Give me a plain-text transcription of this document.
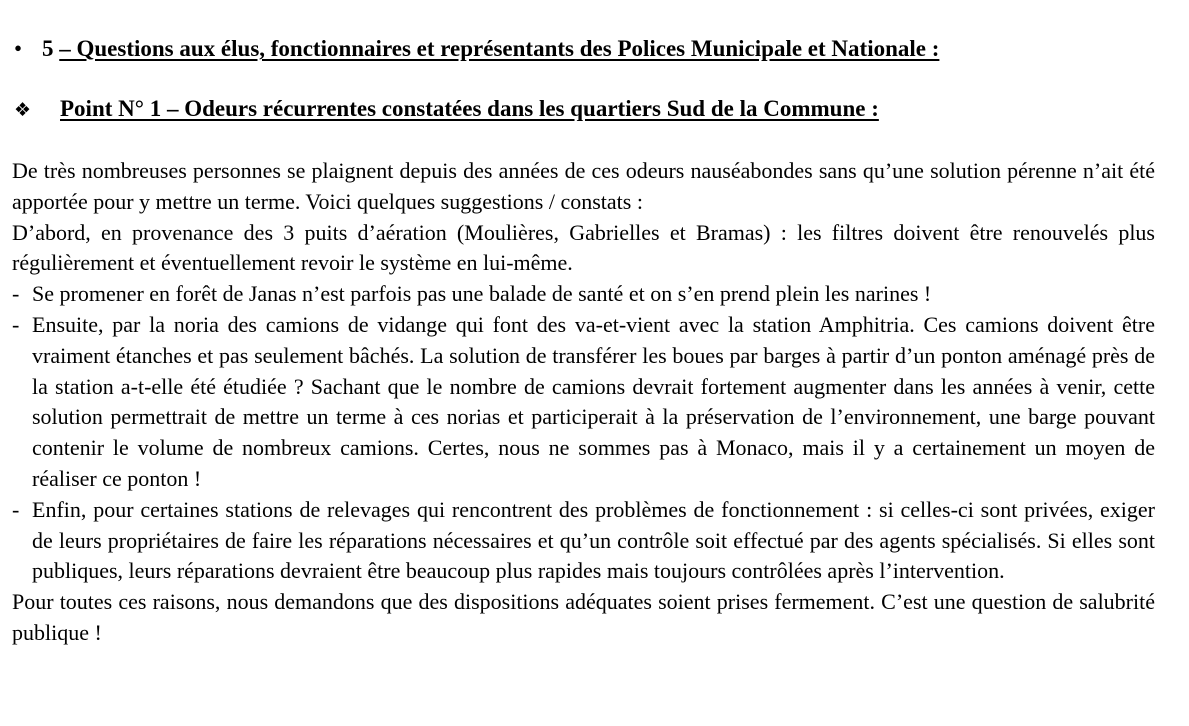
• 5 – Questions aux élus, fonctionnaires et représentants des Polices Municipale et Nationale :
❖ Point N° 1 – Odeurs récurrentes constatées dans les quartiers Sud de la Commune :

De très nombreuses personnes se plaignent depuis des années de ces odeurs nauséabondes sans qu’une solution pérenne n’ait été apportée pour y mettre un terme. Voici quelques suggestions / constats :

D’abord, en provenance des 3 puits d’aération (Moulières, Gabrielles et Bramas) : les filtres doivent être renouvelés plus régulièrement et éventuellement revoir le système en lui-même.

- Se promener en forêt de Janas n’est parfois pas une balade de santé et on s’en prend plein les narines !

- Ensuite, par la noria des camions de vidange qui font des va-et-vient avec la station Amphitria. Ces camions doivent être vraiment étanches et pas seulement bâchés. La solution de transférer les boues par barges à partir d’un ponton aménagé près de la station a-t-elle été étudiée ? Sachant que le nombre de camions devrait fortement augmenter dans les années à venir, cette solution permettrait de mettre un terme à ces norias et participerait à la préservation de l’environnement, une barge pouvant contenir le volume de nombreux camions. Certes, nous ne sommes pas à Monaco, mais il y a certainement un moyen de réaliser ce ponton !

- Enfin, pour certaines stations de relevages qui rencontrent des problèmes de fonctionnement : si celles-ci sont privées, exiger de leurs propriétaires de faire les réparations nécessaires et qu’un contrôle soit effectué par des agents spécialisés. Si elles sont publiques, leurs réparations devraient être beaucoup plus rapides mais toujours contrôlées après l’intervention.

Pour toutes ces raisons, nous demandons que des dispositions adéquates soient prises fermement. C’est une question de salubrité publique !
